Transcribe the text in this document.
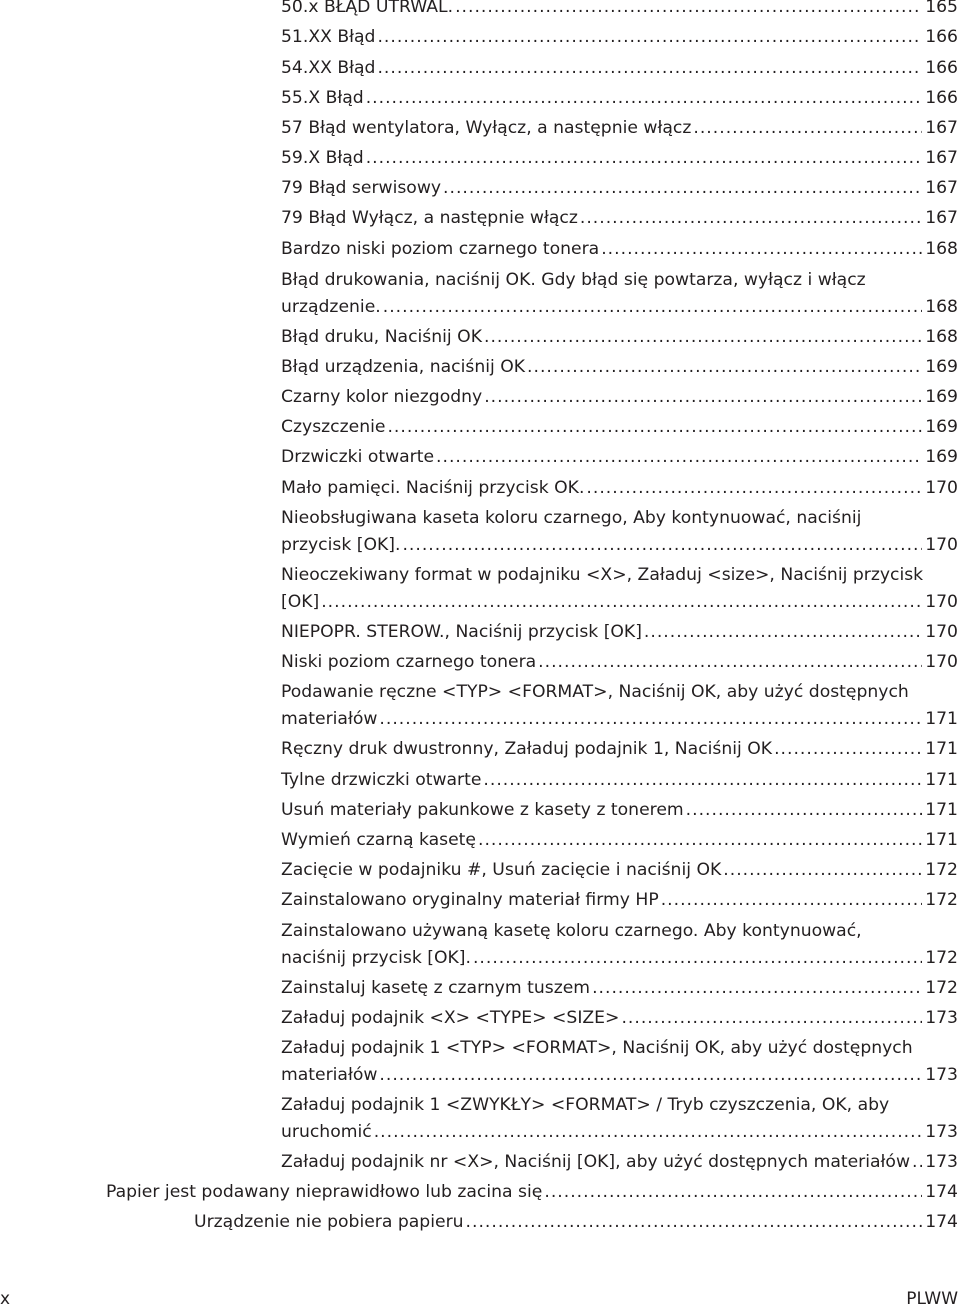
50.x BŁĄD UTRWAL. .....	165
51.XX Błąd .....	166
54.XX Błąd .....	166
55.X Błąd .....	166
57 Błąd wentylatora, Wyłącz, a następnie włącz .....	167
59.X Błąd .....	167
79 Błąd serwisowy .....	167
79 Błąd Wyłącz, a następnie włącz .....	167
Bardzo niski poziom czarnego tonera .....	168
Błąd drukowania, naciśnij OK. Gdy błąd się powtarza, wyłącz i włącz
urządzenie. .....	168
Błąd druku, Naciśnij OK .....	168
Błąd urządzenia, naciśnij OK .....	169
Czarny kolor niezgodny .....	169
Czyszczenie .....	169
Drzwiczki otwarte .....	169
Mało pamięci. Naciśnij przycisk OK. .....	170
Nieobsługiwana kaseta koloru czarnego, Aby kontynuować, naciśnij
przycisk [OK]. .....	170
Nieoczekiwany format w podajniku <X>, Załaduj <size>, Naciśnij przycisk
[OK] .....	170
NIEPOPR. STEROW., Naciśnij przycisk [OK] .....	170
Niski poziom czarnego tonera .....	170
Podawanie ręczne <TYP> <FORMAT>, Naciśnij OK, aby użyć dostępnych
materiałów .....	171
Ręczny druk dwustronny, Załaduj podajnik 1, Naciśnij OK .....	171
Tylne drzwiczki otwarte .....	171
Usuń materiały pakunkowe z kasety z tonerem .....	171
Wymień czarną kasetę .....	171
Zacięcie w podajniku #, Usuń zacięcie i naciśnij OK .....	172
Zainstalowano oryginalny materiał firmy HP .....	172
Zainstalowano używaną kasetę koloru czarnego. Aby kontynuować,
naciśnij przycisk [OK]. .....	172
Zainstaluj kasetę z czarnym tuszem .....	172
Załaduj podajnik <X> <TYPE> <SIZE> .....	173
Załaduj podajnik 1 <TYP> <FORMAT>, Naciśnij OK, aby użyć dostępnych
materiałów .....	173
Załaduj podajnik 1 <ZWYKŁY> <FORMAT> / Tryb czyszczenia, OK, aby
uruchomić .....	173
Załaduj podajnik nr <X>, Naciśnij [OK], aby użyć dostępnych materiałów ..... 173
Papier jest podawany nieprawidłowo lub zacina się .....	174
Urządzenie nie pobiera papieru .....	174
x	PLWW
